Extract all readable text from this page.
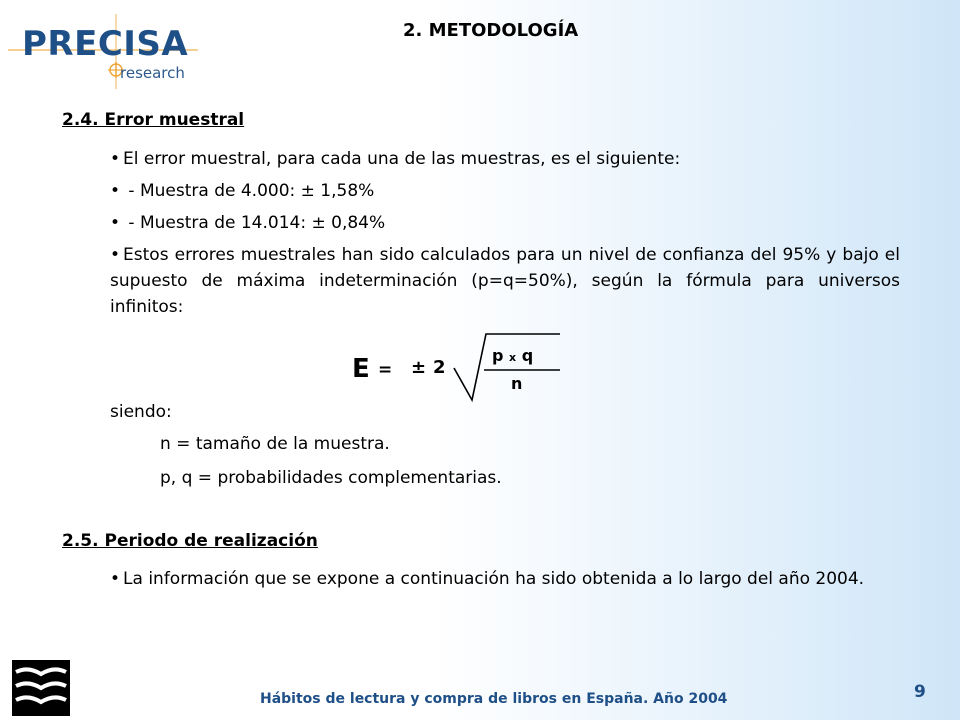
PRECISA
research
2. METODOLOGÍA
2.4. Error muestral
• El error muestral, para cada una de las muestras, es el siguiente:
• - Muestra de 4.000: ± 1,58%
• - Muestra de 14.014: ± 0,84%
• Estos errores muestrales han sido calculados para un nivel de confianza del 95% y bajo el supuesto de máxima indeterminación (p=q=50%), según la fórmula para universos infinitos:
E = ± 2
p x q
n
siendo:
n = tamaño de la muestra.
p, q = probabilidades complementarias.
2.5. Periodo de realización
• La información que se expone a continuación ha sido obtenida a lo largo del año 2004.
Hábitos de lectura y compra de libros en España. Año 2004	9
